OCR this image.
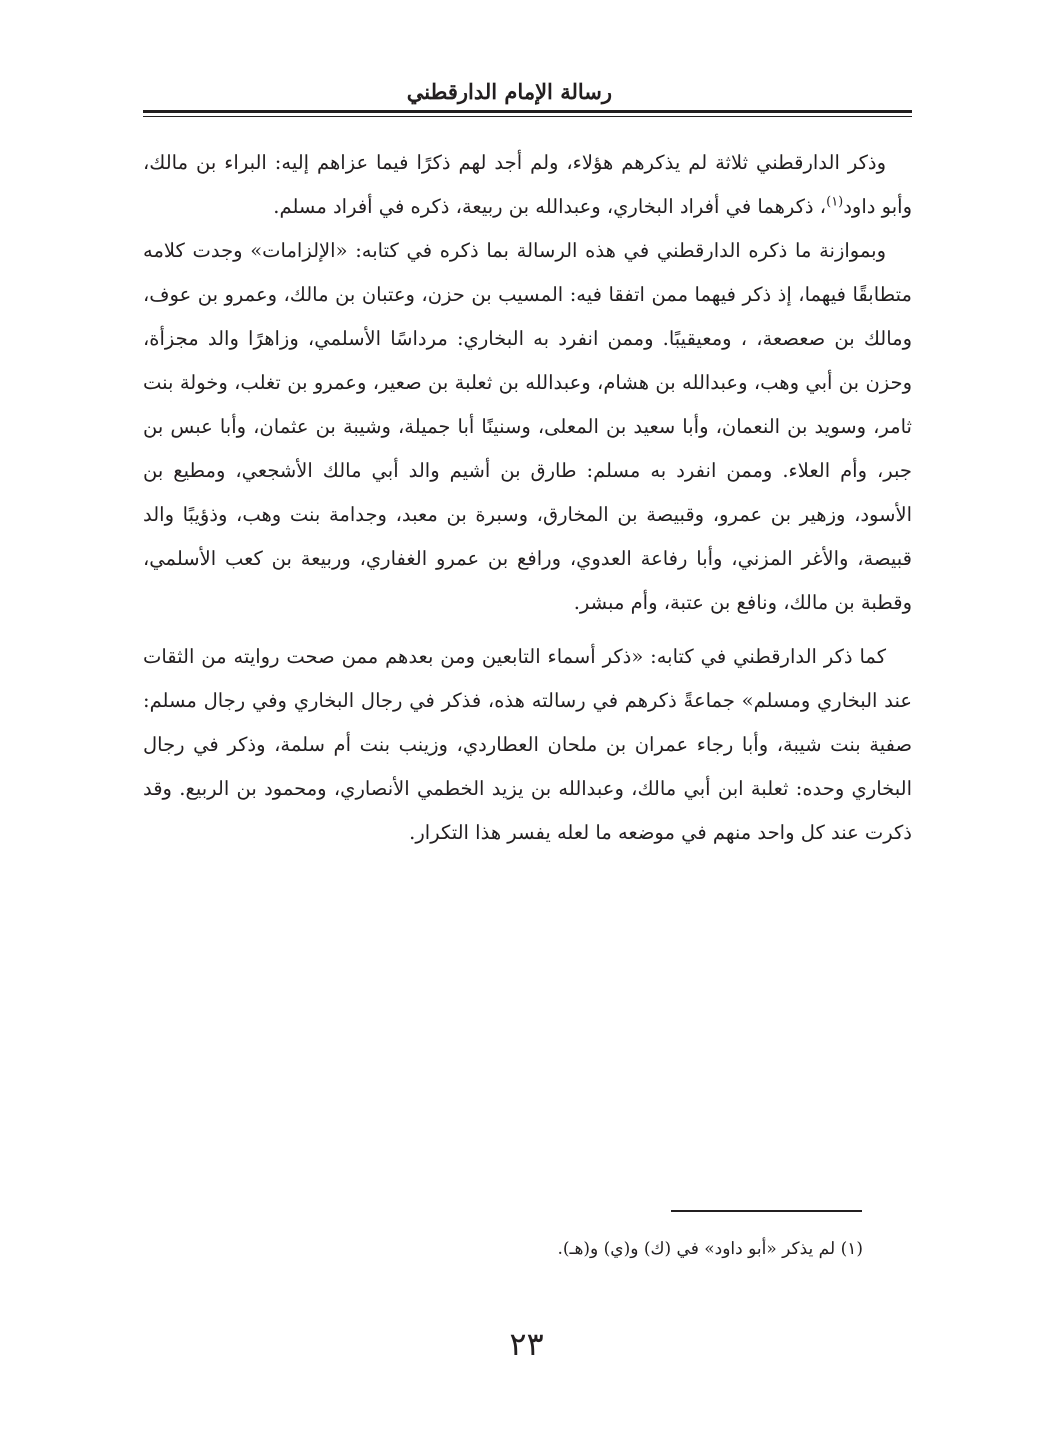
رسالة الإمام الدارقطني

وذكر الدارقطني ثلاثة لم يذكرهم هؤلاء، ولم أجد لهم ذكرًا فيما عزاهم إليه: البراء بن مالك، وأبو داود$^{(١)}$، ذكرهما في أفراد البخاري، وعبدالله بن ربيعة، ذكره في أفراد مسلم.

وبموازنة ما ذكره الدارقطني في هذه الرسالة بما ذكره في كتابه: «الإلزامات» وجدت كلامه متطابقًا فيهما، إذ ذكر فيهما ممن اتفقا فيه: المسيب بن حزن، وعتبان بن مالك، وعمرو بن عوف، ومالك بن صعصعة، ، ومعيقيبًا. وممن انفرد به البخاري: مرداسًا الأسلمي، وزاهرًا والد مجزأة، وحزن بن أبي وهب، وعبدالله بن هشام، وعبدالله بن ثعلبة بن صعير، وعمرو بن تغلب، وخولة بنت ثامر، وسويد بن النعمان، وأبا سعيد بن المعلى، وسنينًا أبا جميلة، وشيبة بن عثمان، وأبا عبس بن جبر، وأم العلاء. وممن انفرد به مسلم: طارق بن أشيم والد أبي مالك الأشجعي، ومطيع بن الأسود، وزهير بن عمرو، وقبيصة بن المخارق، وسبرة بن معبد، وجدامة بنت وهب، وذؤيبًا والد قبيصة، والأغر المزني، وأبا رفاعة العدوي، ورافع بن عمرو الغفاري، وربيعة بن كعب الأسلمي، وقطبة بن مالك، ونافع بن عتبة، وأم مبشر.

كما ذكر الدارقطني في كتابه: «ذكر أسماء التابعين ومن بعدهم ممن صحت روايته من الثقات عند البخاري ومسلم» جماعةً ذكرهم في رسالته هذه، فذكر في رجال البخاري وفي رجال مسلم: صفية بنت شيبة، وأبا رجاء عمران بن ملحان العطاردي، وزينب بنت أم سلمة، وذكر في رجال البخاري وحده: ثعلبة ابن أبي مالك، وعبدالله بن يزيد الخطمي الأنصاري، ومحمود بن الربيع. وقد ذكرت عند كل واحد منهم في موضعه ما لعله يفسر هذا التكرار.

(١) لم يذكر «أبو داود» في (ك) و(ي) و(هـ).
٢٣
